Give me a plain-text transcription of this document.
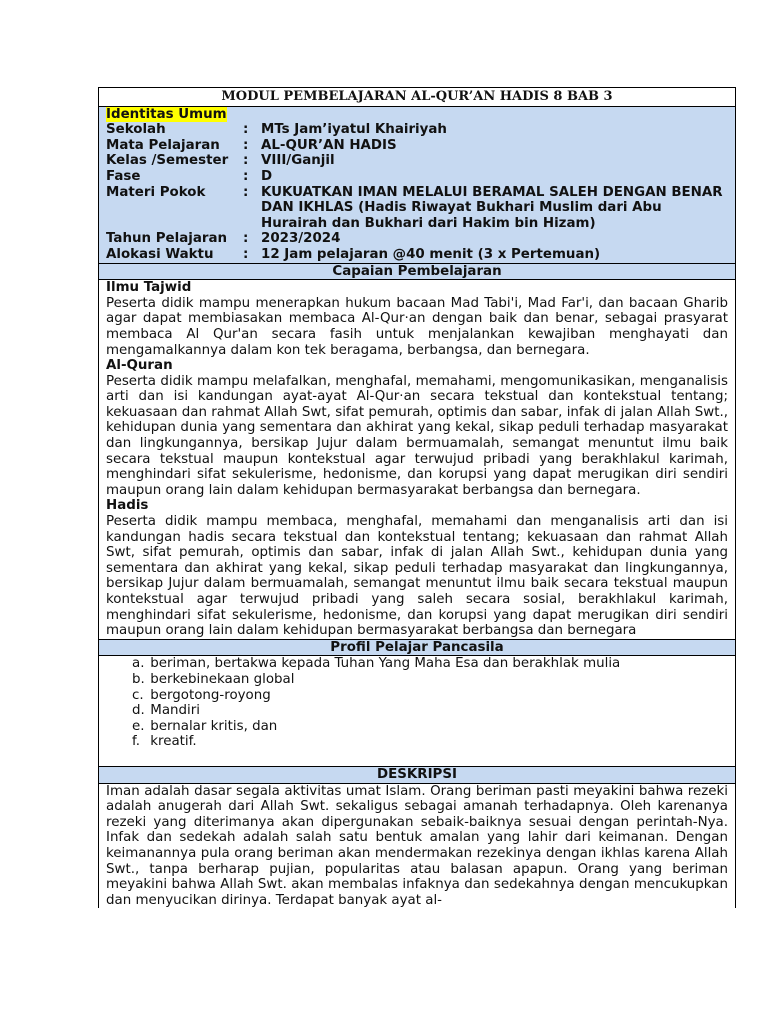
MODUL PEMBELAJARAN AL-QUR’AN HADIS 8 BAB 3
Identitas Umum
Sekolah	: MTs Jam’iyatul Khairiyah
Mata Pelajaran	: AL-QUR’AN HADIS
Kelas /Semester	: VIII/Ganjil
Fase	: D
Materi Pokok	: KUKUATKAN IMAN MELALUI BERAMAL SALEH DENGAN BENAR DAN IKHLAS (Hadis Riwayat Bukhari Muslim dari Abu Hurairah dan Bukhari dari Hakim bin Hizam)
Tahun Pelajaran	: 2023/2024
Alokasi Waktu	: 12 Jam pelajaran @40 menit (3 x Pertemuan)
Capaian Pembelajaran
Ilmu Tajwid
Peserta didik mampu menerapkan hukum bacaan Mad Tabi'i, Mad Far'i, dan bacaan Gharib agar dapat membiasakan membaca Al-Qur·an dengan baik dan benar, sebagai prasyarat membaca Al Qur'an secara fasih untuk menjalankan kewajiban menghayati dan mengamalkannya dalam kon tek beragama, berbangsa, dan bernegara.
Al-Quran
Peserta didik mampu melafalkan, menghafal, memahami, mengomunikasikan, menganalisis arti dan isi kandungan ayat-ayat Al-Qur·an secara tekstual dan kontekstual tentang; kekuasaan dan rahmat Allah Swt, sifat pemurah, optimis dan sabar, infak di jalan Allah Swt., kehidupan dunia yang sementara dan akhirat yang kekal, sikap peduli terhadap masyarakat dan lingkungannya, bersikap Jujur dalam bermuamalah, semangat menuntut ilmu baik secara tekstual maupun kontekstual agar terwujud pribadi yang berakhlakul karimah, menghindari sifat sekulerisme, hedonisme, dan korupsi yang dapat merugikan diri sendiri maupun orang lain dalam kehidupan bermasyarakat berbangsa dan bernegara.
Hadis
Peserta didik mampu membaca, menghafal, memahami dan menganalisis arti dan isi kandungan hadis secara tekstual dan kontekstual tentang; kekuasaan dan rahmat Allah Swt, sifat pemurah, optimis dan sabar, infak di jalan Allah Swt., kehidupan dunia yang sementara dan akhirat yang kekal, sikap peduli terhadap masyarakat dan lingkungannya, bersikap Jujur dalam bermuamalah, semangat menuntut ilmu baik secara tekstual maupun kontekstual agar terwujud pribadi yang saleh secara sosial, berakhlakul karimah, menghindari sifat sekulerisme, hedonisme, dan korupsi yang dapat merugikan diri sendiri maupun orang lain dalam kehidupan bermasyarakat berbangsa dan bernegara
Profil Pelajar Pancasila
a. beriman, bertakwa kepada Tuhan Yang Maha Esa dan berakhlak mulia
b. berkebinekaan global
c. bergotong-royong
d. Mandiri
e. bernalar kritis, dan
f. kreatif.
DESKRIPSI
Iman adalah dasar segala aktivitas umat Islam. Orang beriman pasti meyakini bahwa rezeki adalah anugerah dari Allah Swt. sekaligus sebagai amanah terhadapnya. Oleh karenanya rezeki yang diterimanya akan dipergunakan sebaik-baiknya sesuai dengan perintah-Nya. Infak dan sedekah adalah salah satu bentuk amalan yang lahir dari keimanan. Dengan keimanannya pula orang beriman akan mendermakan rezekinya dengan ikhlas karena Allah Swt., tanpa berharap pujian, popularitas atau balasan apapun. Orang yang beriman meyakini bahwa Allah Swt. akan membalas infaknya dan sedekahnya dengan mencukupkan dan menyucikan dirinya. Terdapat banyak ayat al-
